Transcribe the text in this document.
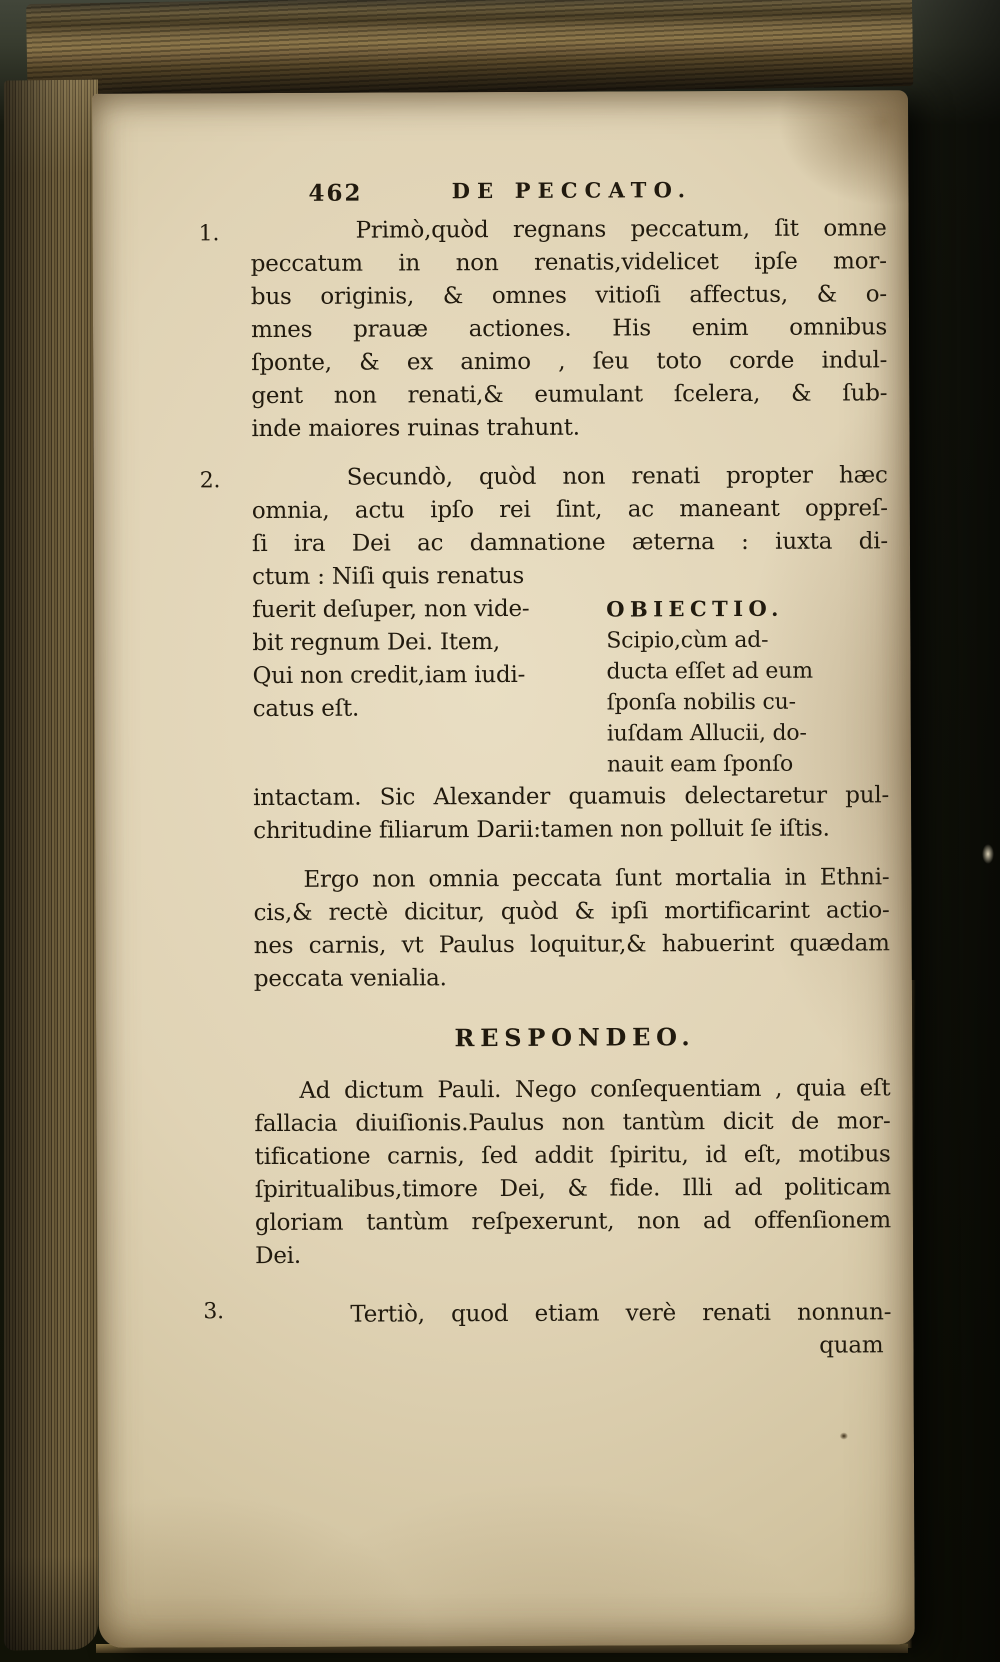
462	DE PECCATO.
1.	Primò,quòd regnans peccatum, ſit omne
peccatum in non renatis,videlicet ipſe mor-
bus originis, & omnes vitioſi affectus, & o-
mnes prauæ actiones. His enim omnibus
ſponte, & ex animo , ſeu toto corde indul-
gent non renati,& eumulant ſcelera, & ſub-
inde maiores ruinas trahunt.
2.	Secundò, quòd non renati propter hæc
omnia, actu ipſo rei ſint, ac maneant oppreſ-
ſi ira Dei ac damnatione æterna : iuxta di-
ctum : Niſi quis renatus
fuerit deſuper, non vide-
bit regnum Dei. Item,
Qui non credit,iam iudi-
catus eſt.
OBIECTIO.
Scipio,cùm ad-
ducta eſſet ad eum
ſponſa nobilis cu-
iuſdam Allucii, do-
nauit eam ſponſo
intactam. Sic Alexander quamuis delectaretur pul-
chritudine filiarum Darii:tamen non polluit ſe iſtis.
Ergo non omnia peccata ſunt mortalia in Ethni-
cis,& rectè dicitur, quòd & ipſi mortificarint actio-
nes carnis, vt Paulus loquitur,& habuerint quædam
peccata venialia.
RESPONDEO.
Ad dictum Pauli. Nego conſequentiam , quia eſt
fallacia diuiſionis.Paulus non tantùm dicit de mor-
tificatione carnis, ſed addit ſpiritu, id eſt, motibus
ſpiritualibus,timore Dei, & fide. Illi ad politicam
gloriam tantùm reſpexerunt, non ad offenſionem
Dei.
3.	Tertiò, quod etiam verè renati nonnun-
quam
